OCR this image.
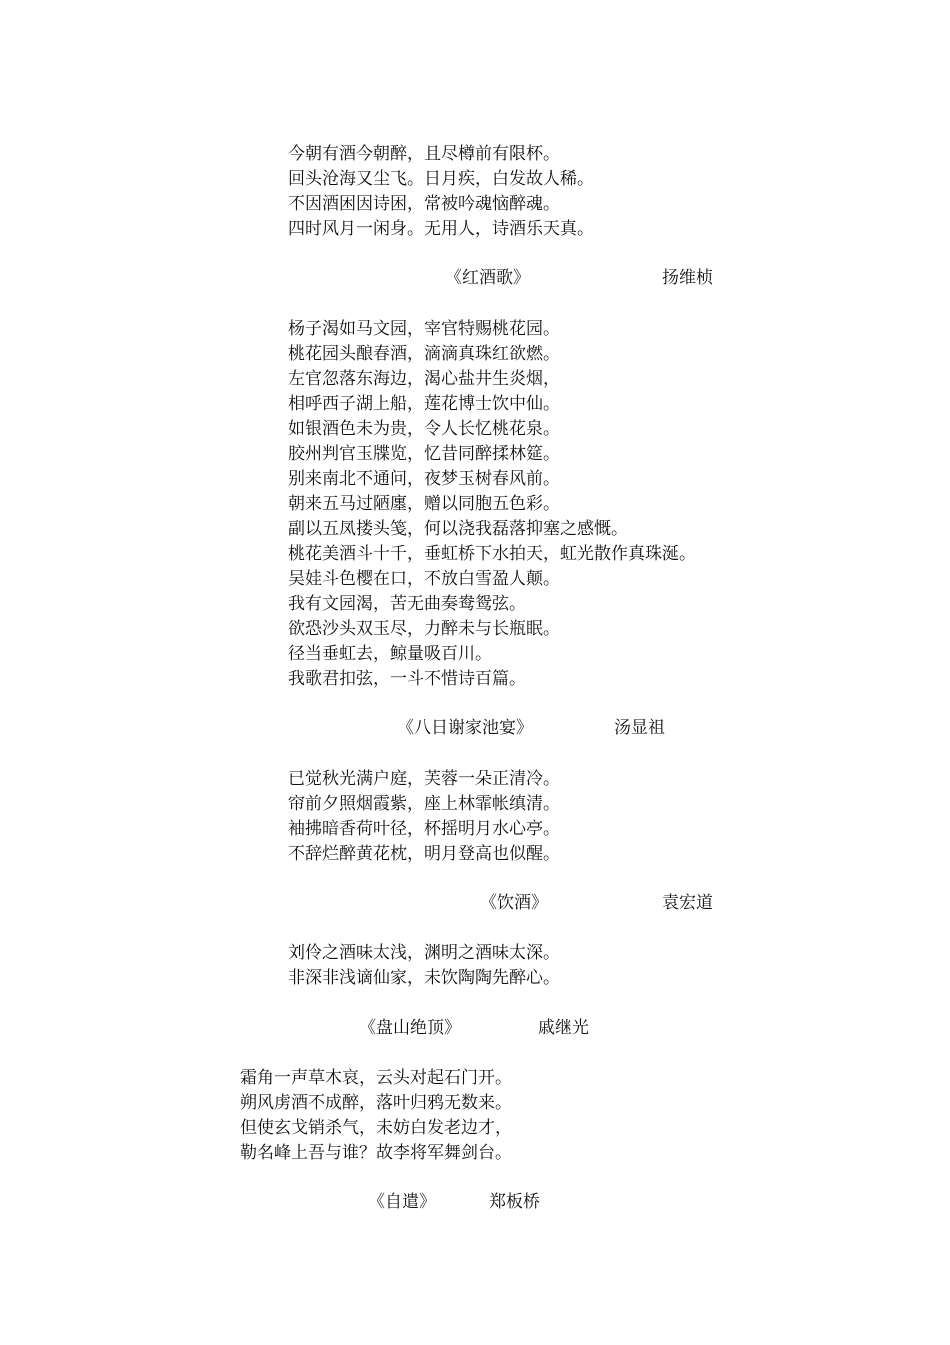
今朝有酒今朝醉，且尽樽前有限杯。
回头沧海又尘飞。日月疾，白发故人稀。
不因酒困因诗困，常被吟魂恼醉魂。
四时风月一闲身。无用人，诗酒乐天真。
《红酒歌》	扬维桢
杨子渴如马文园，宰官特赐桃花园。
桃花园头酿春酒，滴滴真珠红欲燃。
左官忽落东海边，渴心盐井生炎烟，
相呼西子湖上船，莲花博士饮中仙。
如银酒色未为贵，令人长忆桃花泉。
胶州判官玉牒览，忆昔同醉揉林筵。
别来南北不通问，夜梦玉树春风前。
朝来五马过陋廛，赠以同胞五色彩。
副以五凤搂头笺，何以浇我磊落抑塞之感慨。
桃花美酒斗十千，垂虹桥下水拍天，虹光散作真珠涎。
吴娃斗色樱在口，不放白雪盈人颠。
我有文园渴，苦无曲奏鸯鸳弦。
欲恐沙头双玉尽，力醉未与长瓶眠。
径当垂虹去，鲸量吸百川。
我歌君扣弦，一斗不惜诗百篇。
《八日谢家池宴》	汤显祖
已觉秋光满户庭，芙蓉一朵正清冷。
帘前夕照烟霞紫，座上林霏帐缜清。
袖拂暗香荷叶径，杯摇明月水心亭。
不辞烂醉黄花枕，明月登高也似醒。
《饮酒》	袁宏道
刘伶之酒味太浅，渊明之酒味太深。
非深非浅谪仙家，未饮陶陶先醉心。
《盘山绝顶》	戚继光
霜角一声草木哀，云头对起石门开。
朔风虏酒不成醉，落叶归鸦无数来。
但使玄戈销杀气，未妨白发老边才，
勒名峰上吾与谁？故李将军舞剑台。
《自遣》	郑板桥
